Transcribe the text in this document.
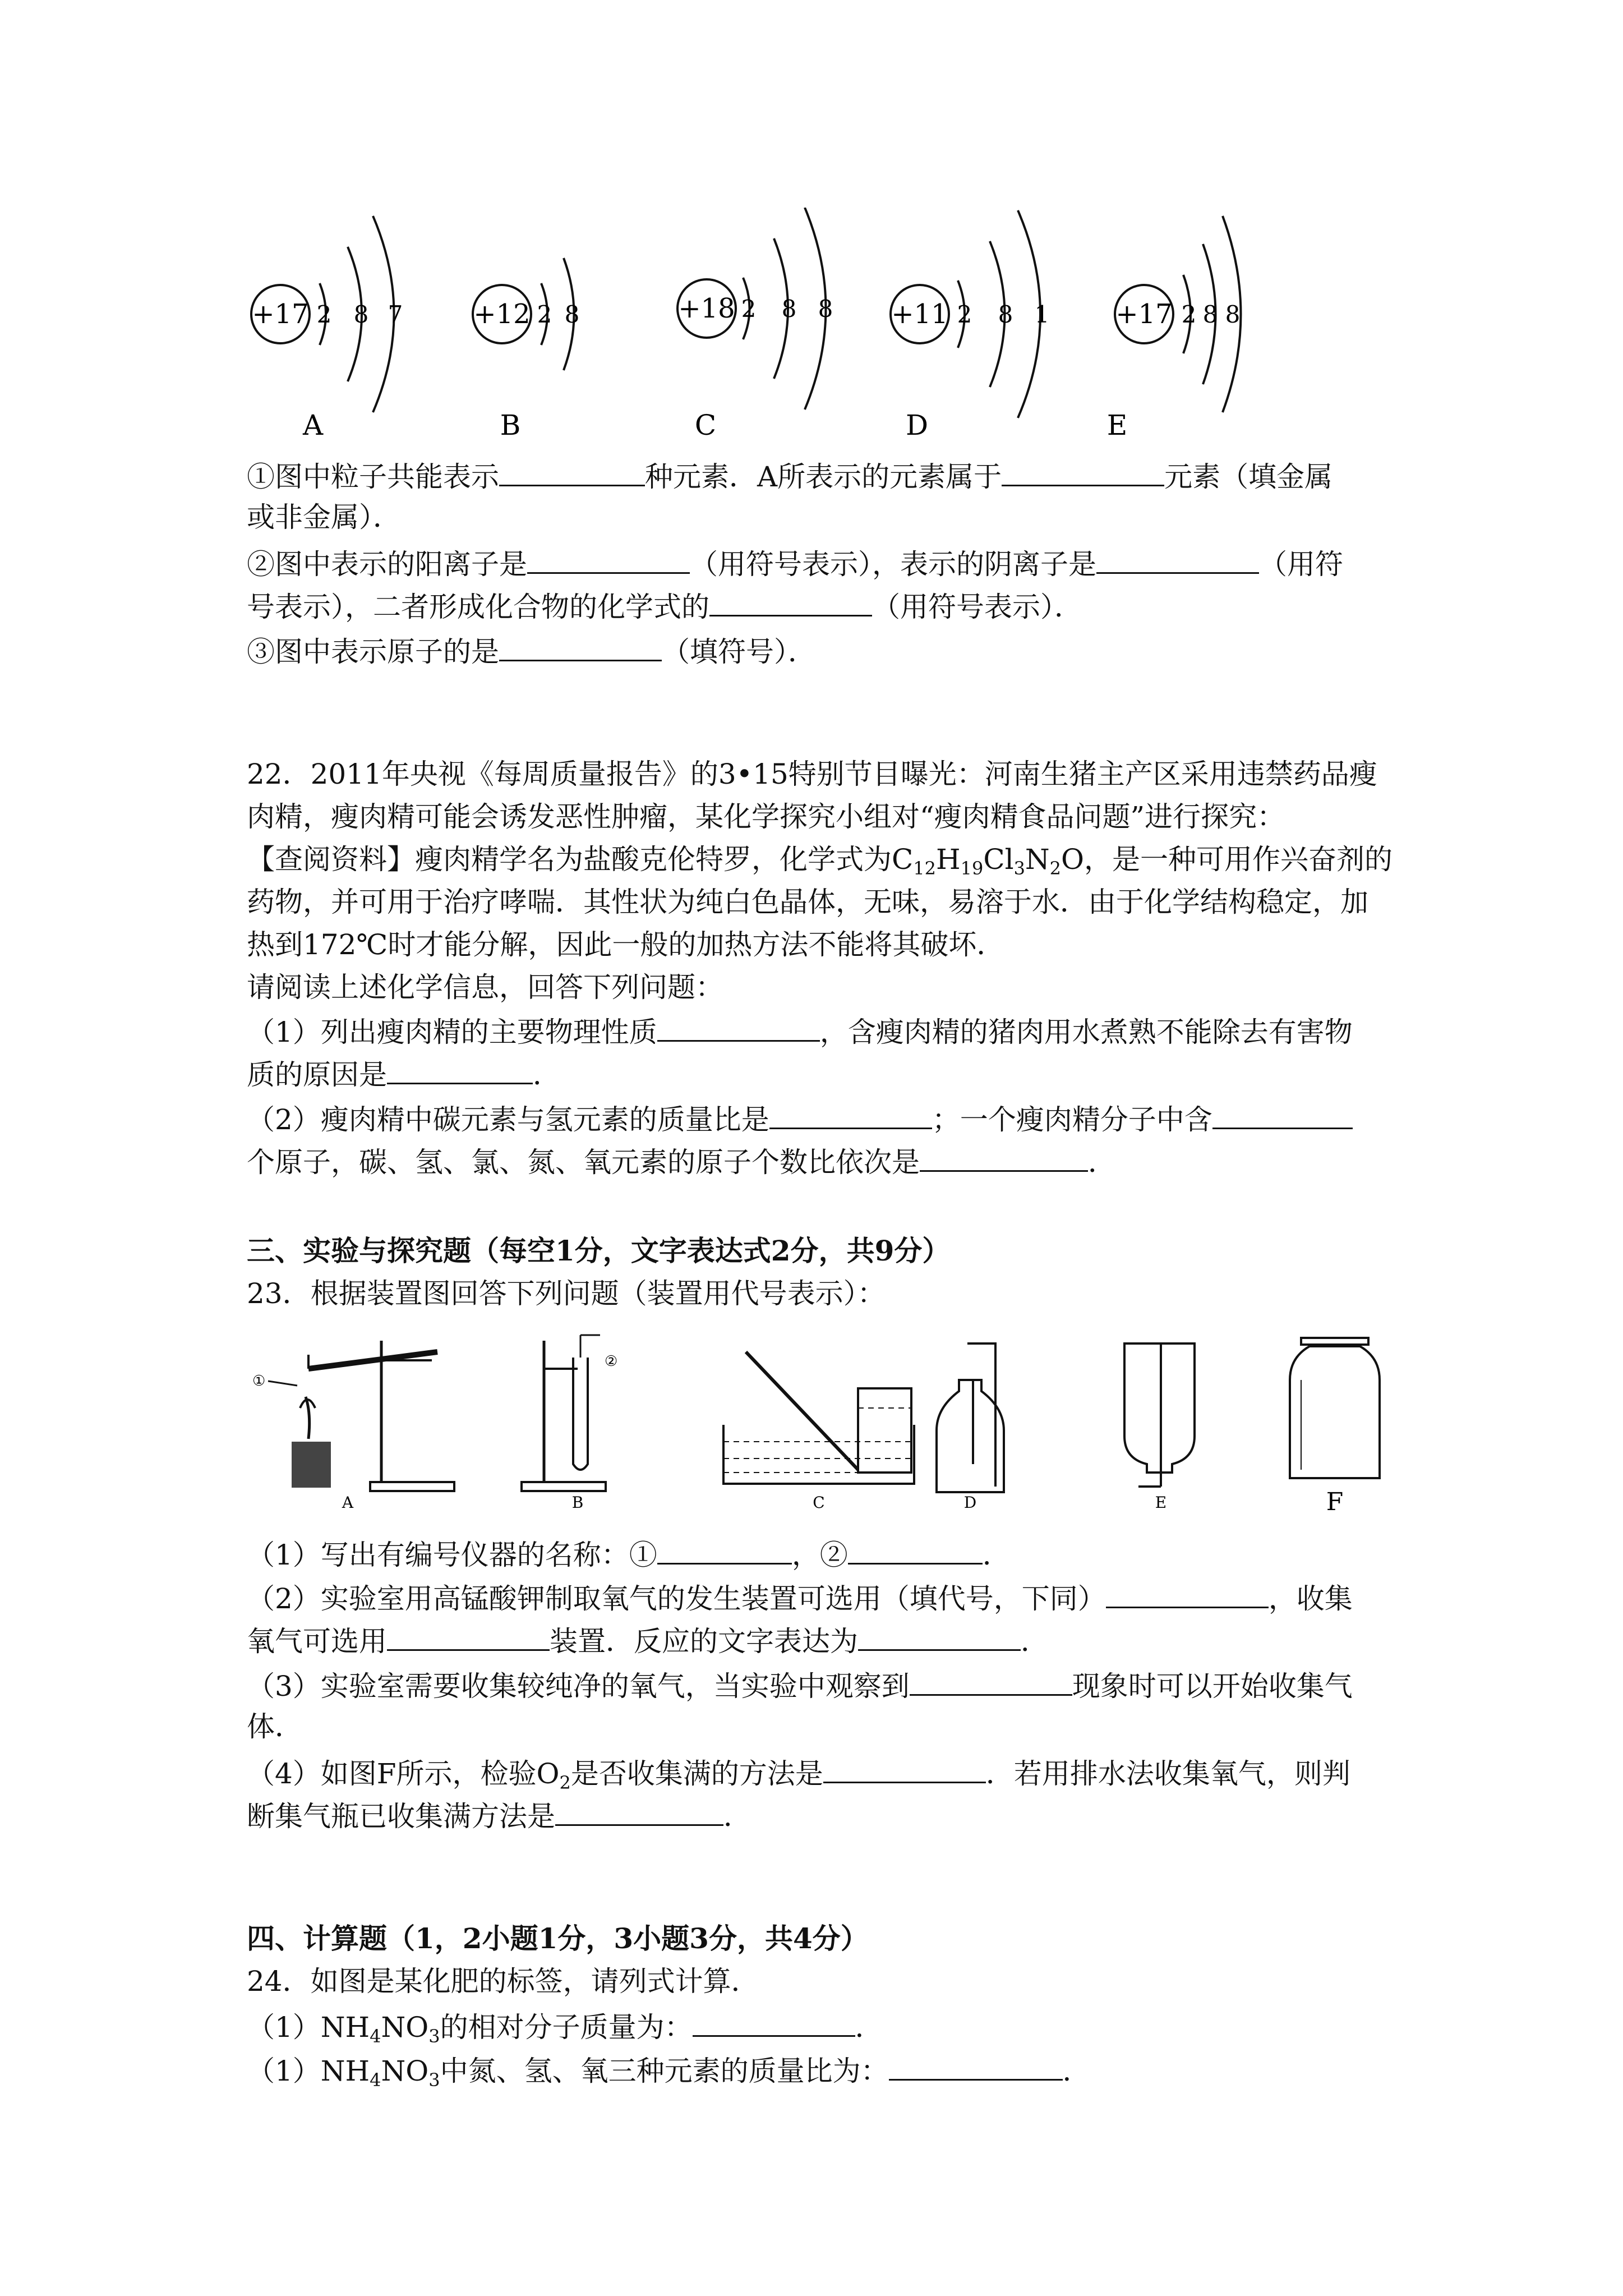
+17 2 8 7
A
+12 2 8
B
+18 2 8 8
C
+11 2 8 1
D
+17 2 8 8
E
①图中粒子共能表示	种元素．A所表示的元素属于	元素（填金属
或非金属）．
②图中表示的阳离子是	（用符号表示），表示的阴离子是	（用符
号表示），二者形成化合物的化学式的	（用符号表示）．
③图中表示原子的是	（填符号）．
22．2011年央视《每周质量报告》的3•15特别节目曝光：河南生猪主产区采用违禁药品瘦
肉精，瘦肉精可能会诱发恶性肿瘤，某化学探究小组对“瘦肉精食品问题”进行探究：
【查阅资料】瘦肉精学名为盐酸克伦特罗，化学式为$C_{12}H_{19}Cl_3N_2O$，是一种可用作兴奋剂的
药物，并可用于治疗哮喘．其性状为纯白色晶体，无味，易溶于水．由于化学结构稳定，加
热到172℃时才能分解，因此一般的加热方法不能将其破坏．
请阅读上述化学信息，回答下列问题：
（1）列出瘦肉精的主要物理性质	，含瘦肉精的猪肉用水煮熟不能除去有害物
质的原因是	．
（2）瘦肉精中碳元素与氢元素的质量比是	；一个瘦肉精分子中含
个原子，碳、氢、氯、氮、氧元素的原子个数比依次是	．
三、实验与探究题（每空1分，文字表达式2分，共9分）
23．根据装置图回答下列问题（装置用代号表示）：
①
A
②
B	C	D	E	F
（1）写出有编号仪器的名称：①	，②	．
（2）实验室用高锰酸钾制取氧气的发生装置可选用（填代号，下同）	，收集
氧气可选用	装置．反应的文字表达为	．
（3）实验室需要收集较纯净的氧气，当实验中观察到	现象时可以开始收集气
体．
（4）如图F所示，检验$O_2$是否收集满的方法是	．若用排水法收集氧气，则判
断集气瓶已收集满方法是	．
四、计算题（1，2小题1分，3小题3分，共4分）
24．如图是某化肥的标签，请列式计算．
$(1)NH_4NO_3$的相对分子质量为：	．
$(1)NH_4NO_3$中氮、氢、氧三种元素的质量比为：	．
